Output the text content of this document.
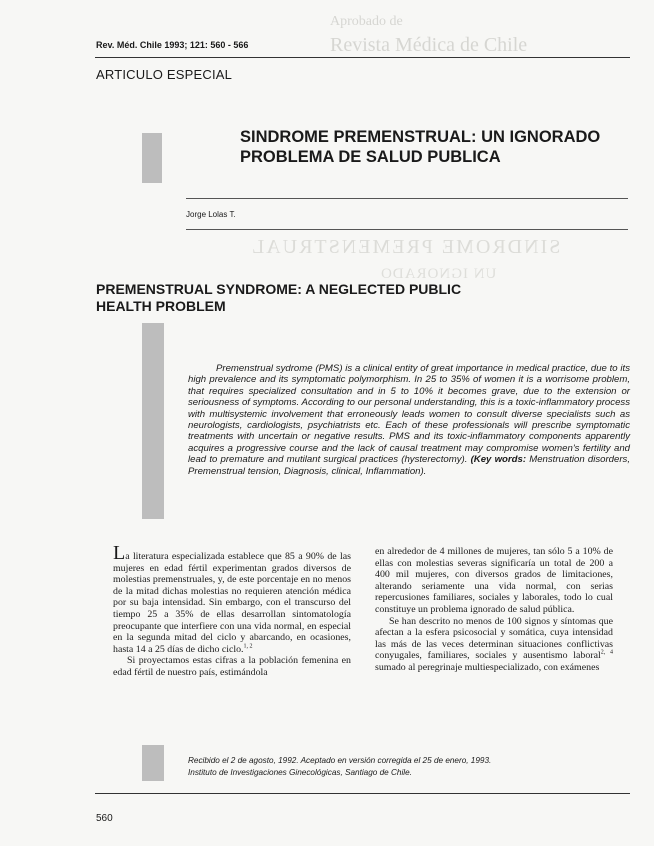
Aprobado de
Revista Médica de Chile
SINDROME PREMENSTRUAL
UN IGNORADO
Rev. Méd. Chile 1993; 121: 560 - 566
ARTICULO ESPECIAL
SINDROME PREMENSTRUAL: UN IGNORADO PROBLEMA DE SALUD PUBLICA
Jorge Lolas T.
PREMENSTRUAL SYNDROME: A NEGLECTED PUBLIC HEALTH PROBLEM

Premenstrual sydrome (PMS) is a clinical entity of great importance in medical practice, due to its high prevalence and its symptomatic polymorphism. In 25 to 35% of women it is a worrisome problem, that requires specialized consultation and in 5 to 10% it becomes grave, due to the extension or seriousness of symptoms. According to our personal understanding, this is a toxic-inflammatory process with multisystemic involvement that erroneously leads women to consult diverse specialists such as neurologists, cardiologists, psychiatrists etc. Each of these professionals will prescribe symptomatic treatments with uncertain or negative results. PMS and its toxic-inflammatory components apparently acquires a progressive course and the lack of causal treatment may compromise women's fertility and lead to premature and mutilant surgical practices (hysterectomy). (Key words: Menstruation disorders, Premenstrual tension, Diagnosis, clinical, Inflammation).

La literatura especializada establece que 85 a 90% de las mujeres en edad fértil experimentan grados diversos de molestias premenstruales, y, de este porcentaje en no menos de la mitad dichas molestias no requieren atención médica por su baja intensidad. Sin embargo, con el transcurso del tiempo 25 a 35% de ellas desarrollan sintomatología preocupante que interfiere con una vida normal, en especial en la segunda mitad del ciclo y abarcando, en ocasiones, hasta 14 a 25 días de dicho ciclo.$^{1, 2}$

Si proyectamos estas cifras a la población femenina en edad fértil de nuestro país, estimándola

en alrededor de 4 millones de mujeres, tan sólo 5 a 10% de ellas con molestias severas significaría un total de 200 a 400 mil mujeres, con diversos grados de limitaciones, alterando seriamente una vida normal, con serias repercusiones familiares, sociales y laborales, todo lo cual constituye un problema ignorado de salud pública.

Se han descrito no menos de 100 signos y síntomas que afectan a la esfera psicosocial y somática, cuya intensidad las más de las veces determinan situaciones conflictivas conyugales, familiares, sociales y ausentismo laboral$^{2, 4}$ sumado al peregrinaje multiespecializado, con exámenes

Recibido el 2 de agosto, 1992. Aceptado en versión corregida el 25 de enero, 1993.
Instituto de Investigaciones Ginecológicas, Santiago de Chile.
560
